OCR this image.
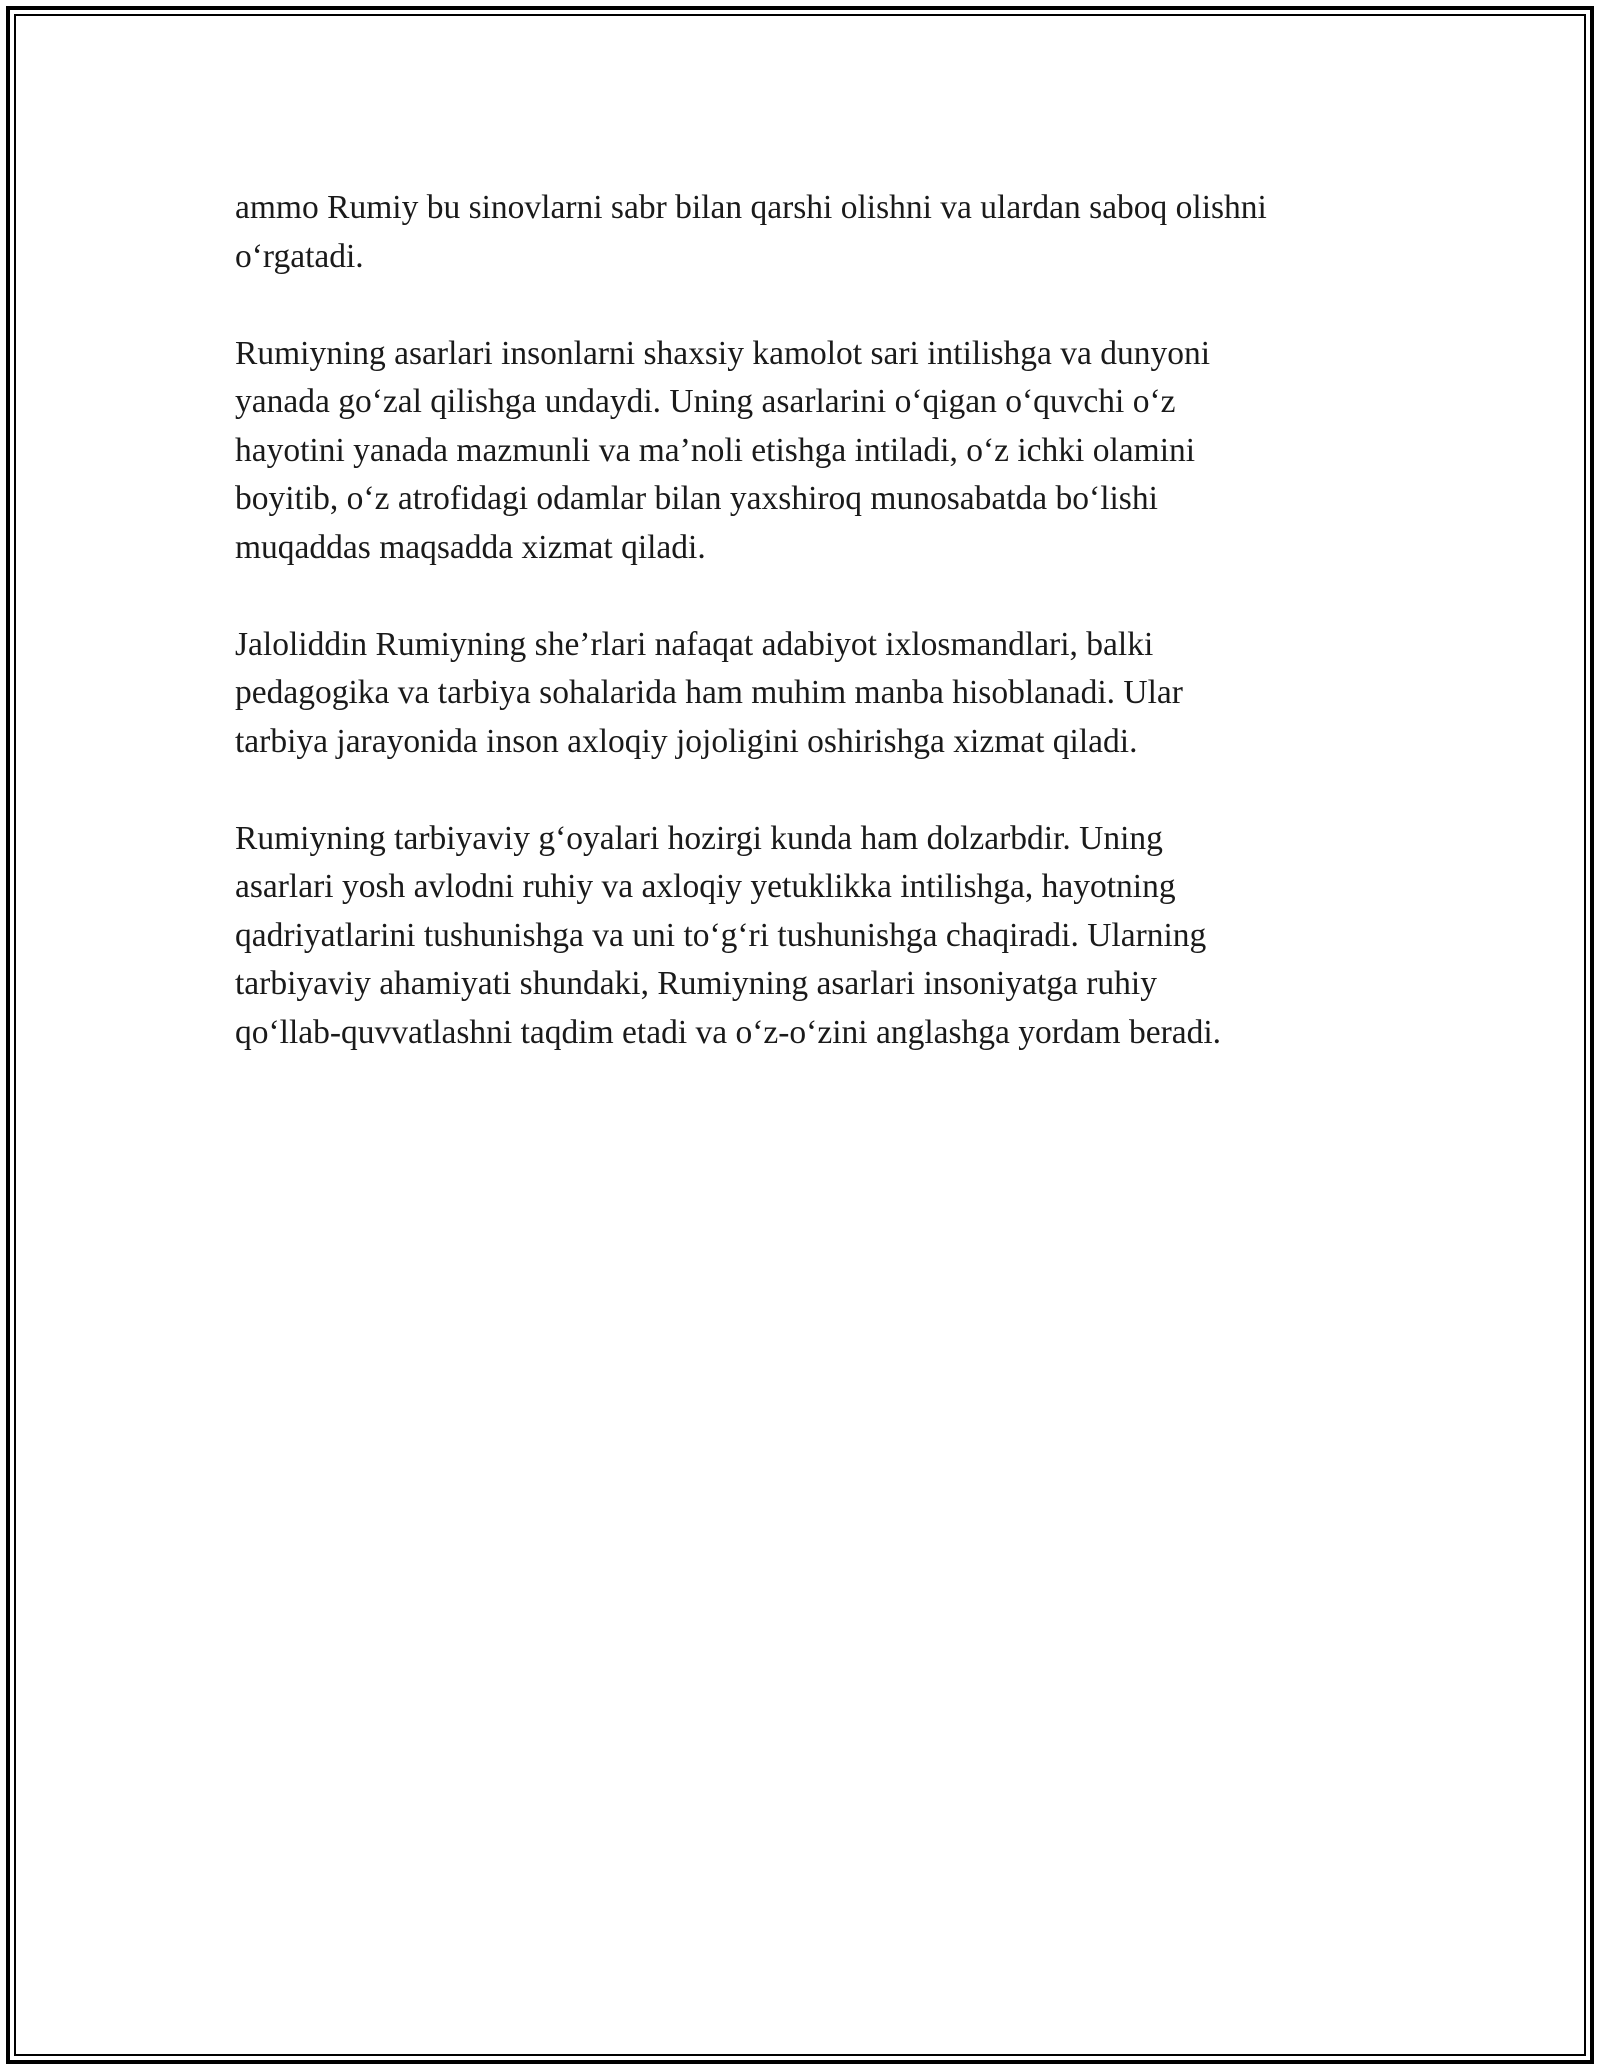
ammo Rumiy bu sinovlarni sabr bilan qarshi olishni va ulardan saboq olishni
o‘rgatadi.

Rumiyning asarlari insonlarni shaxsiy kamolot sari intilishga va dunyoni
yanada go‘zal qilishga undaydi. Uning asarlarini o‘qigan o‘quvchi o‘z
hayotini yanada mazmunli va ma’noli etishga intiladi, o‘z ichki olamini
boyitib, o‘z atrofidagi odamlar bilan yaxshiroq munosabatda bo‘lishi
muqaddas maqsadda xizmat qiladi.

Jaloliddin Rumiyning she’rlari nafaqat adabiyot ixlosmandlari, balki
pedagogika va tarbiya sohalarida ham muhim manba hisoblanadi. Ular
tarbiya jarayonida inson axloqiy jojoligini oshirishga xizmat qiladi.

Rumiyning tarbiyaviy g‘oyalari hozirgi kunda ham dolzarbdir. Uning
asarlari yosh avlodni ruhiy va axloqiy yetuklikka intilishga, hayotning
qadriyatlarini tushunishga va uni to‘g‘ri tushunishga chaqiradi. Ularning
tarbiyaviy ahamiyati shundaki, Rumiyning asarlari insoniyatga ruhiy
qo‘llab-quvvatlashni taqdim etadi va o‘z-o‘zini anglashga yordam beradi.
